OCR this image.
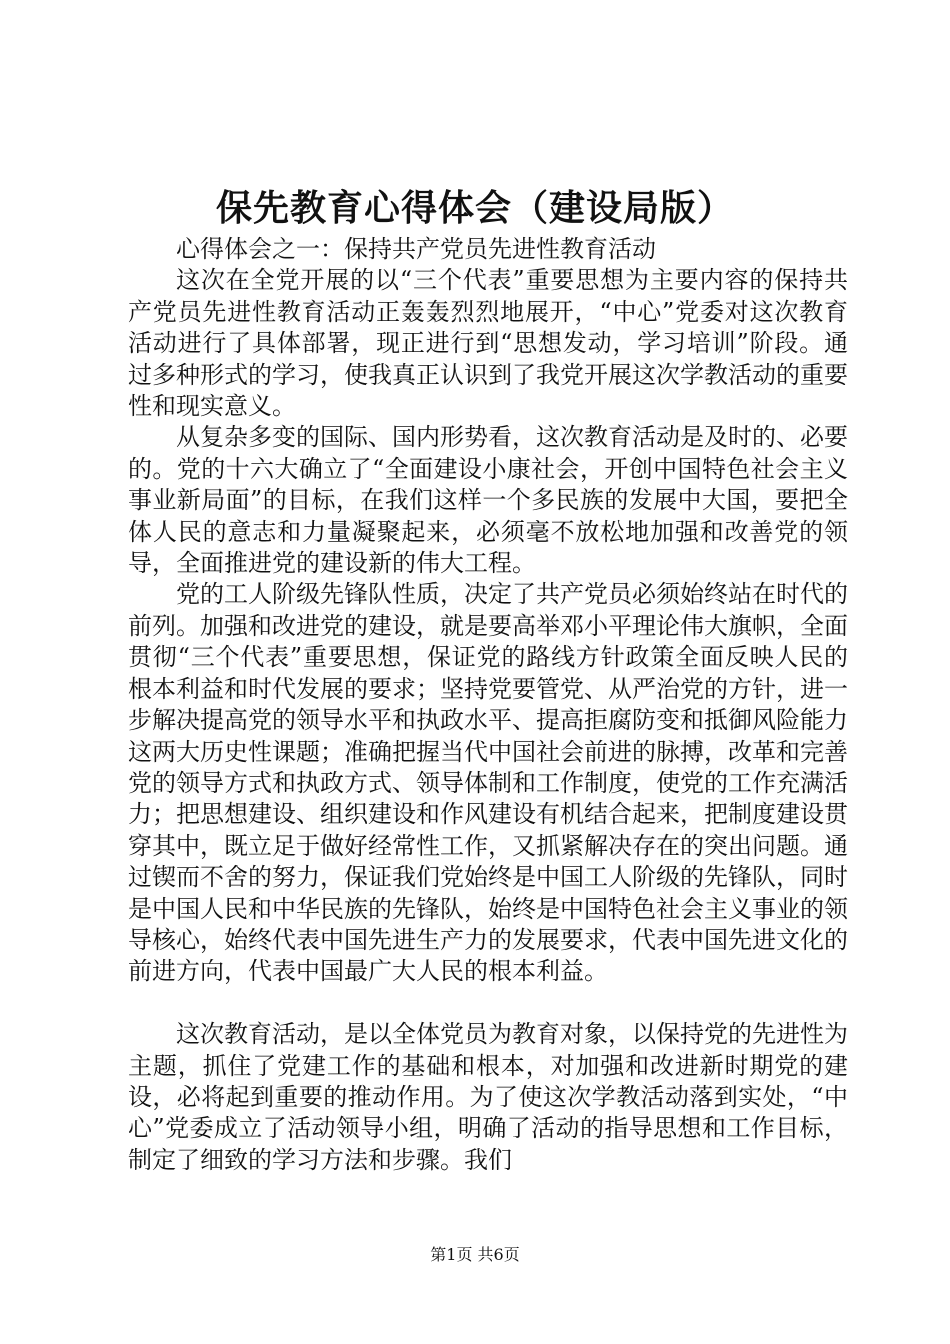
保先教育心得体会（建设局版）

心得体会之一：保持共产党员先进性教育活动

这次在全党开展的以“三个代表”重要思想为主要内容的保持共产党员先进性教育活动正轰轰烈烈地展开，“中心”党委对这次教育活动进行了具体部署，现正进行到“思想发动，学习培训”阶段。通过多种形式的学习，使我真正认识到了我党开展这次学教活动的重要性和现实意义。

从复杂多变的国际、国内形势看，这次教育活动是及时的、必要的。党的十六大确立了“全面建设小康社会，开创中国特色社会主义事业新局面”的目标，在我们这样一个多民族的发展中大国，要把全体人民的意志和力量凝聚起来，必须毫不放松地加强和改善党的领导，全面推进党的建设新的伟大工程。

党的工人阶级先锋队性质，决定了共产党员必须始终站在时代的前列。加强和改进党的建设，就是要高举邓小平理论伟大旗帜，全面贯彻“三个代表”重要思想，保证党的路线方针政策全面反映人民的根本利益和时代发展的要求；坚持党要管党、从严治党的方针，进一步解决提高党的领导水平和执政水平、提高拒腐防变和抵御风险能力这两大历史性课题；准确把握当代中国社会前进的脉搏，改革和完善党的领导方式和执政方式、领导体制和工作制度，使党的工作充满活力；把思想建设、组织建设和作风建设有机结合起来，把制度建设贯穿其中，既立足于做好经常性工作，又抓紧解决存在的突出问题。通过锲而不舍的努力，保证我们党始终是中国工人阶级的先锋队，同时是中国人民和中华民族的先锋队，始终是中国特色社会主义事业的领导核心，始终代表中国先进生产力的发展要求，代表中国先进文化的前进方向，代表中国最广大人民的根本利益。

这次教育活动，是以全体党员为教育对象，以保持党的先进性为主题，抓住了党建工作的基础和根本，对加强和改进新时期党的建设，必将起到重要的推动作用。为了使这次学教活动落到实处，“中心”党委成立了活动领导小组，明确了活动的指导思想和工作目标，制定了细致的学习方法和步骤。我们

第1页 共6页
